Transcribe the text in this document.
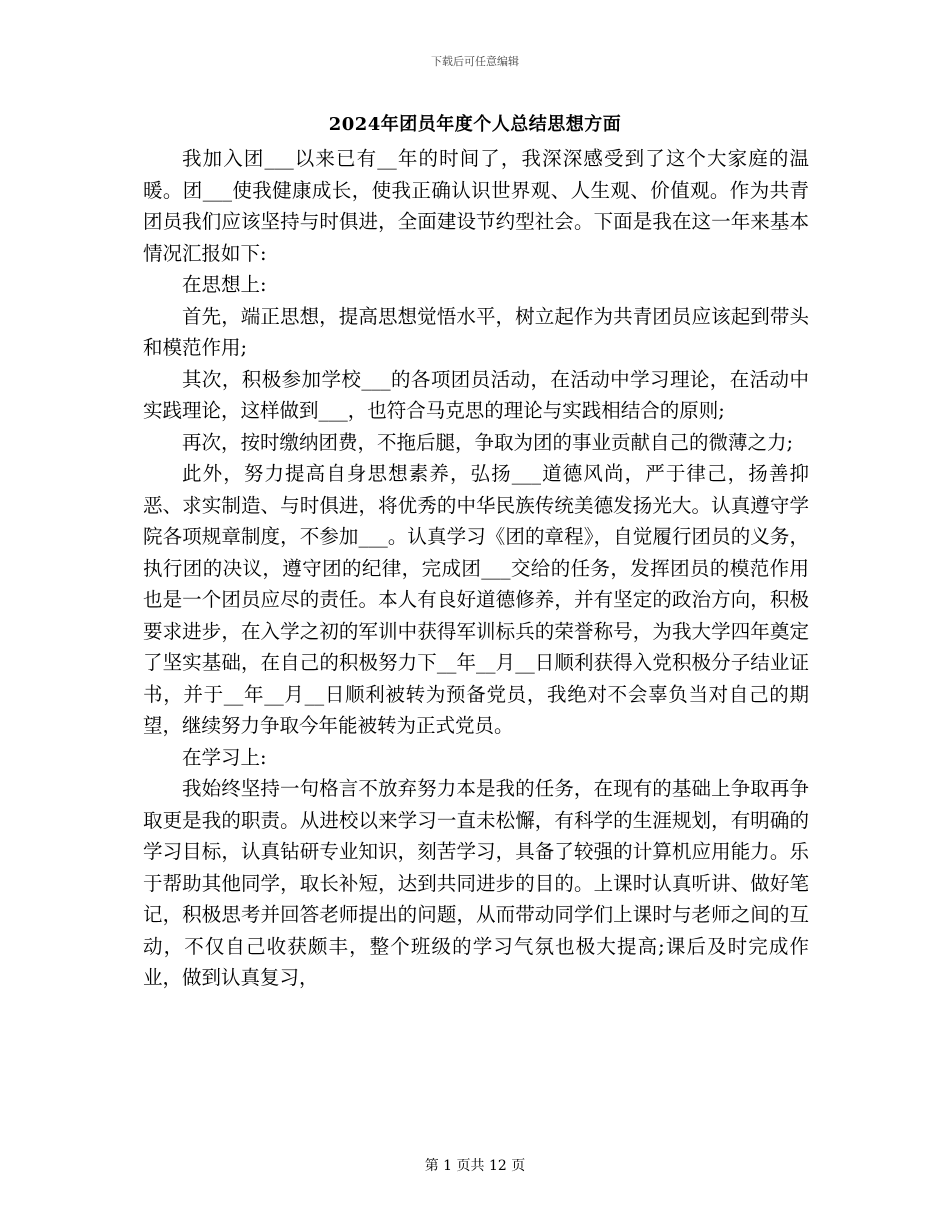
下载后可任意编辑
2024年团员年度个人总结思想方面

我加入团___以来已有__年的时间了，我深深感受到了这个大家庭的温暖。团___使我健康成长，使我正确认识世界观、人生观、价值观。作为共青团员我们应该坚持与时俱进，全面建设节约型社会。下面是我在这一年来基本情况汇报如下:

在思想上:

首先，端正思想，提高思想觉悟水平，树立起作为共青团员应该起到带头和模范作用;

其次，积极参加学校___的各项团员活动，在活动中学习理论，在活动中实践理论，这样做到___，也符合马克思的理论与实践相结合的原则;

再次，按时缴纳团费，不拖后腿，争取为团的事业贡献自己的微薄之力;

此外，努力提高自身思想素养，弘扬___道德风尚，严于律己，扬善抑恶、求实制造、与时俱进，将优秀的中华民族传统美德发扬光大。认真遵守学院各项规章制度，不参加___。认真学习《团的章程》，自觉履行团员的义务，执行团的决议，遵守团的纪律，完成团___交给的任务，发挥团员的模范作用也是一个团员应尽的责任。本人有良好道德修养，并有坚定的政治方向，积极要求进步，在入学之初的军训中获得军训标兵的荣誉称号，为我大学四年奠定了坚实基础，在自己的积极努力下__年__月__日顺利获得入党积极分子结业证书，并于__年__月__日顺利被转为预备党员，我绝对不会辜负当对自己的期望，继续努力争取今年能被转为正式党员。

在学习上:

我始终坚持一句格言不放弃努力本是我的任务，在现有的基础上争取再争取更是我的职责。从进校以来学习一直未松懈，有科学的生涯规划，有明确的学习目标，认真钻研专业知识，刻苦学习，具备了较强的计算机应用能力。乐于帮助其他同学，取长补短，达到共同进步的目的。上课时认真听讲、做好笔记，积极思考并回答老师提出的问题，从而带动同学们上课时与老师之间的互动，不仅自己收获颇丰，整个班级的学习气氛也极大提高;课后及时完成作业，做到认真复习，

第 1 页共 12 页
